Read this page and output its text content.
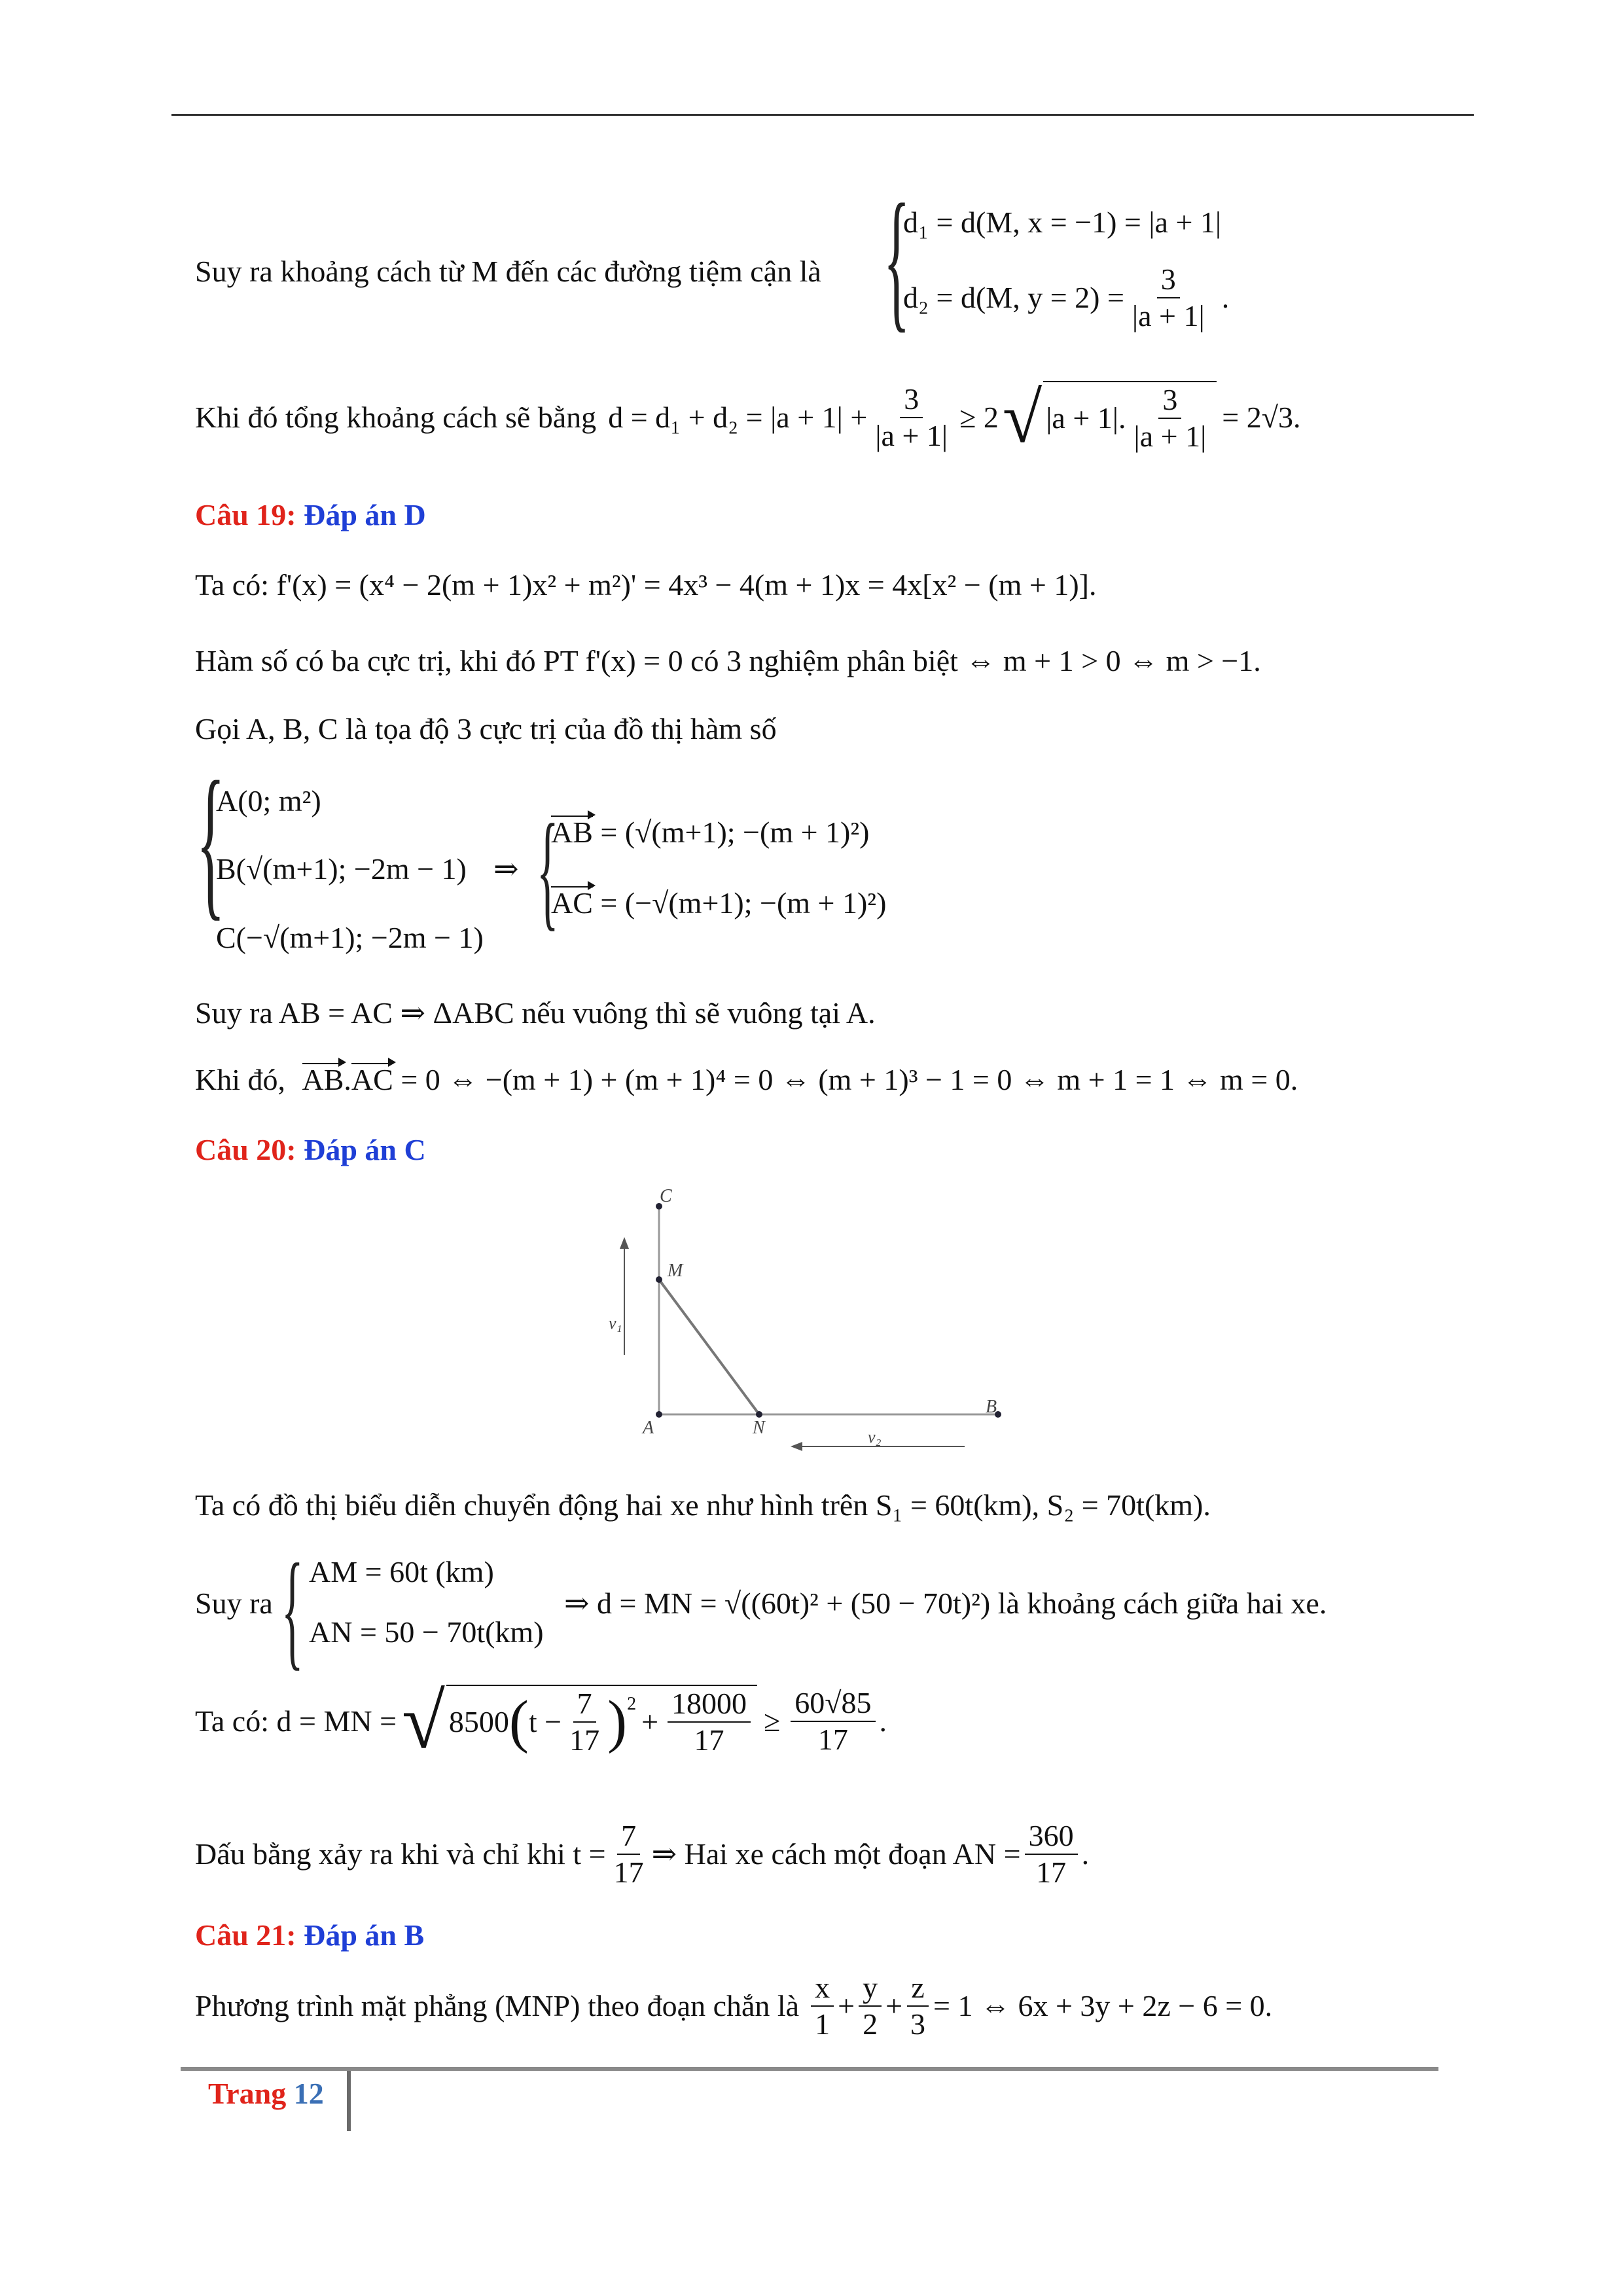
Suy ra khoảng cách từ M đến các đường tiệm cận là {
d₁ = d(M, x = −1) = |a + 1|
d₂ = d(M, $y = 2) = \frac{3}{|a + 1|}$ .
Khi đó tổng khoảng cách sẽ bằng $d = d_1 + d_2 = |a + 1| + \frac{3}{|a + 1|} \ge 2$ √ |a + 1|. $\frac{3}{|a + 1|} = 2√3$.
Câu 19: Đáp án D
Ta có: f'(x) = (x⁴ − 2(m + 1)x² + m²)' = 4x³ − 4(m + 1)x = 4x[x² − (m + 1)].
Hàm số có ba cực trị, khi đó PT f'(x) = 0 có 3 nghiệm phân biệt ⇔ m + 1 > 0 ⇔ m > −1.
Gọi A, B, C là tọa độ 3 cực trị của đồ thị hàm số
{
A(0; m²)
B(√(m+1); −2m − 1)
C(−√(m+1); −2m − 1)
⇒ {
AB = (√(m+1); −(m + 1)²)
AC = (−√(m+1); −(m + 1)²)
Suy ra AB = AC ⇒ ΔABC nếu vuông thì sẽ vuông tại A.
Khi đó, AB.AC = 0 ⇔ −(m + 1) + (m + 1)⁴ = 0 ⇔ (m + 1)³ − 1 = 0 ⇔ m + 1 = 1 ⇔ m = 0.
Câu 20: Đáp án C
C
M
A	N
B
v₁
v₂
Ta có đồ thị biểu diễn chuyển động hai xe như hình trên S₁ = 60t(km), S₂ = 70t(km).
Suy ra { AM = 60t (km)
AN = 50 − 70t(km)
⇒ d = MN = √((60t)² + (50 − 70t)²) là khoảng cách giữa hai xe.
Ta có: d = MN = √ 8500 ( $t - \frac{7}{17} )^2$
+ $\frac{18000}{17} \ge \frac{60√85}{17}$ .
Dấu bằng xảy ra khi và chỉ khi $t = \frac{7}{17}$ ⇒ Hai xe cách một đoạn AN = $\frac{360}{17}$ .
Câu 21: Đáp án B
Phương trình mặt phẳng (MNP) theo đoạn chắn là $\frac{x}{1} + \frac{y}{2} + \frac{z}{3} = 1$ ⇔ 6x + 3y + 2z − 6 = 0.
Trang 12
